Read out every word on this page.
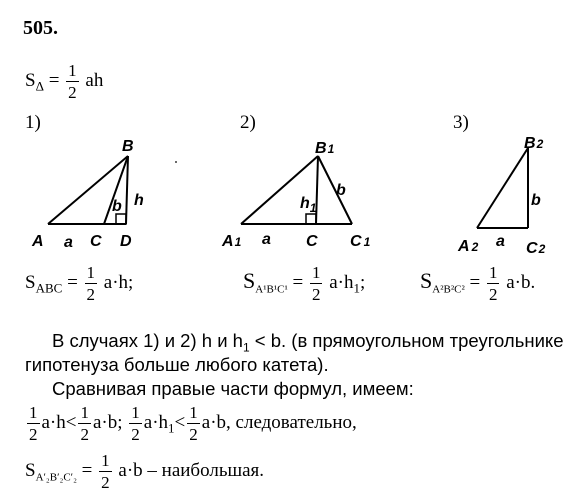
505.
$S_\Delta = \frac{1}{2}$ ah
1)	2)	3)
B
h
b
A a C D
B1
b
$h_1$
A1 a C C 1
B2
b
A 2 a C2
$S_{ABC} = \frac{1}{2} a\cdot h$;	$S_{A^1B^1C^1} = \frac{1}{2} a\cdot h_1$; $S_{A^2B^2C^2} = \frac{1}{2} a\cdot b$.
В случаях 1) и 2) h и $h_1 < b$. (в прямоугольном треугольнике
гипотенуза больше любого катета).
Сравнивая правые части формул, имеем:
$\frac{1}{2} a\cdot h< \frac{1}{2} a\cdot b$; $\frac{1}{2} a\cdot h_1< \frac{1}{2} a\cdot b$, следовательно,
$S_{A'_2B'_2C'_2} = \frac{1}{2} a\cdot b$ – наибольшая.
